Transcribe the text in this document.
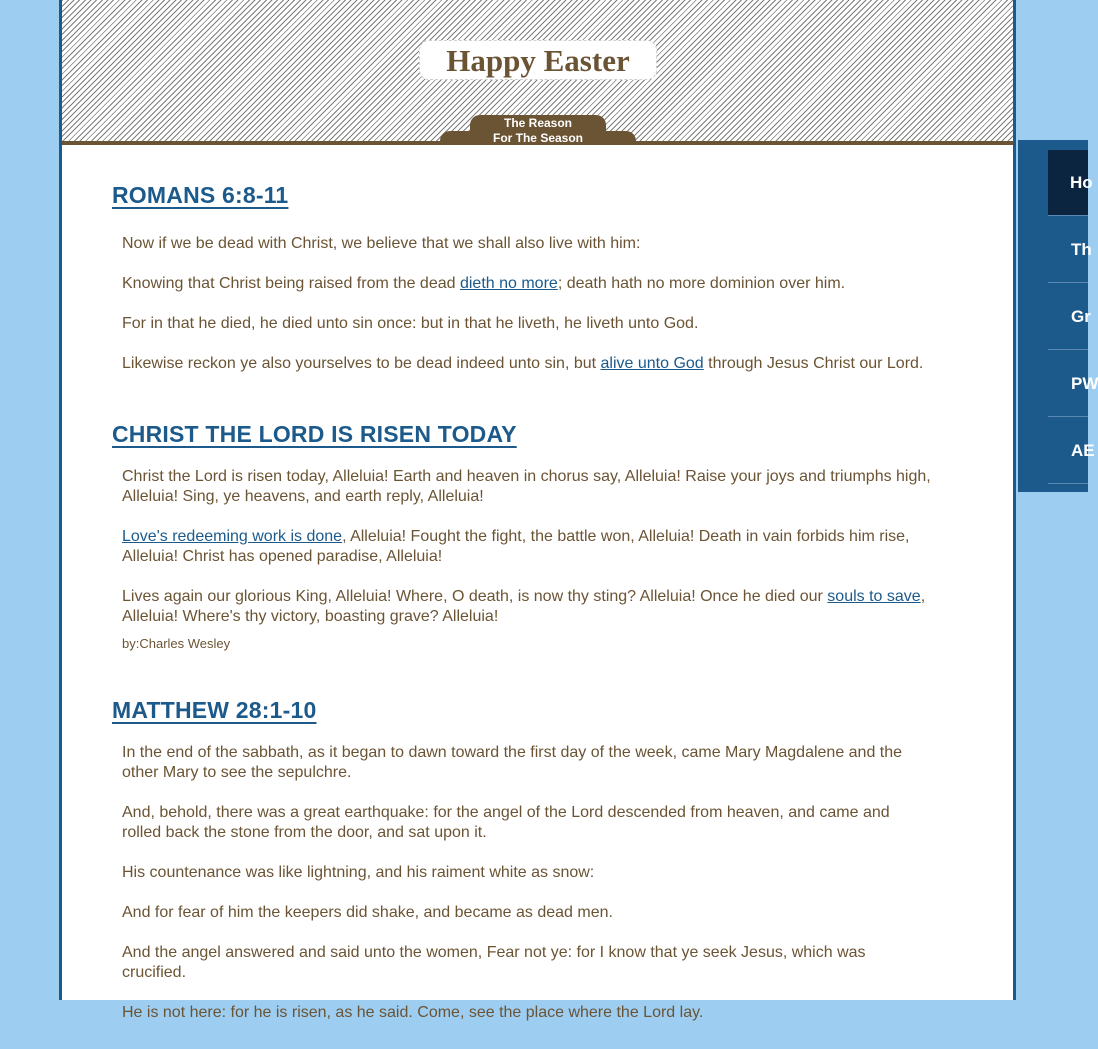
Happy Easter
The Reason
For The Season
ROMANS 6:8-11

Now if we be dead with Christ, we believe that we shall also live with him:

Knowing that Christ being raised from the dead dieth no more; death hath no more dominion over him.

For in that he died, he died unto sin once: but in that he liveth, he liveth unto God.

Likewise reckon ye also yourselves to be dead indeed unto sin, but alive unto God through Jesus Christ our Lord.

CHRIST THE LORD IS RISEN TODAY

Christ the Lord is risen today, Alleluia! Earth and heaven in chorus say, Alleluia! Raise your joys and triumphs high, Alleluia! Sing, ye heavens, and earth reply, Alleluia!

Love's redeeming work is done, Alleluia! Fought the fight, the battle won, Alleluia! Death in vain forbids him rise, Alleluia! Christ has opened paradise, Alleluia!

Lives again our glorious King, Alleluia! Where, O death, is now thy sting? Alleluia! Once he died our souls to save, Alleluia! Where's thy victory, boasting grave? Alleluia!

by:Charles Wesley

MATTHEW 28:1-10

In the end of the sabbath, as it began to dawn toward the first day of the week, came Mary Magdalene and the other Mary to see the sepulchre.

And, behold, there was a great earthquake: for the angel of the Lord descended from heaven, and came and rolled back the stone from the door, and sat upon it.

His countenance was like lightning, and his raiment white as snow:

And for fear of him the keepers did shake, and became as dead men.

And the angel answered and said unto the women, Fear not ye: for I know that ye seek Jesus, which was crucified.

He is not here: for he is risen, as he said. Come, see the place where the Lord lay.

Ho
Th
Gr
PW
AE
